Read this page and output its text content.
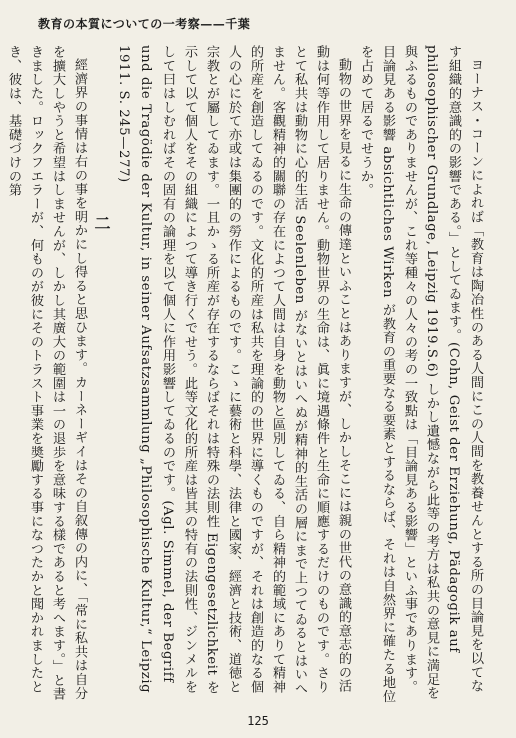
教育の本質についての一考察——千葉

ヨーナス・コーンによれば「教育は陶冶性のある人間にこの人間を教養せんとする所の目論見を以てなす組織的意識的の影響である。」としてゐます。(Cohn, Geist der Erziehung, Pädagogik auf philosophischer Grundlage, Leipzig 1919.S.6) しかし遺憾ながら此等の考方は私共の意見に満足を與ふるものでありませんが、これ等種々の人々の考の一致點は「目論見ある影響」といふ事であります。目論見ある影響 absichtliches Wirken が教育の重要なる要素とするならば、それは自然界に確たる地位を占めて居るでせうか。

動物の世界を見るに生命の傳達といふことはありますが、しかしそこには親の世代の意識的意志的の活動は何等作用して居りません。動物世界の生命は、眞に境遇條件と生命に順應するだけのものです。さりとて私共は動物に心的生活 Seelenleben がないとはいへぬが精神的生活の層にまで上つてゐるとはいへません。客觀精神的關聯の存在によつて人間は自身を動物と區別してゐる、自ら精神的範域にありて精神的所産を創造してゐるのです。文化的所産は私共を理論的の世界に導くものですが、それは創造的なる個人の心に於て亦或は集團的の勞作によるものです。こゝに藝術と科學、法律と國家、經濟と技術、道徳と宗教とが屬してゐます。一且かゝる所産が存在するならばそれは特殊の法則性 Eigengesetzlichkeit を示して以て個人をその組織によつて導き行くでせう。此等文化的所産は皆其の特有の法則性、ジンメルをして曰はしむればその固有の論理を以て個人に作用影響してゐるのです。(Agl. Simmel, der Begriff und die Tragödie der Kultur, in seiner Aufsatzsammlung „Philosophische Kultur,“ Leipzig 1911. S. 245—277)

二

經濟界の事情は右の事を明かにし得ると思ひます。カーネーギイはその自叙傳の内に、「常に私共は自分を擴大しやうと希望はしませんが、しかし其廣大の範圍は一の退歩を意味する樣であると考へます。」と書きました。ロックフエラーが、何ものが彼にそのトラスト事業を奬勵する事になつたかと聞かれましたとき、彼は、基礎づけの第

125
